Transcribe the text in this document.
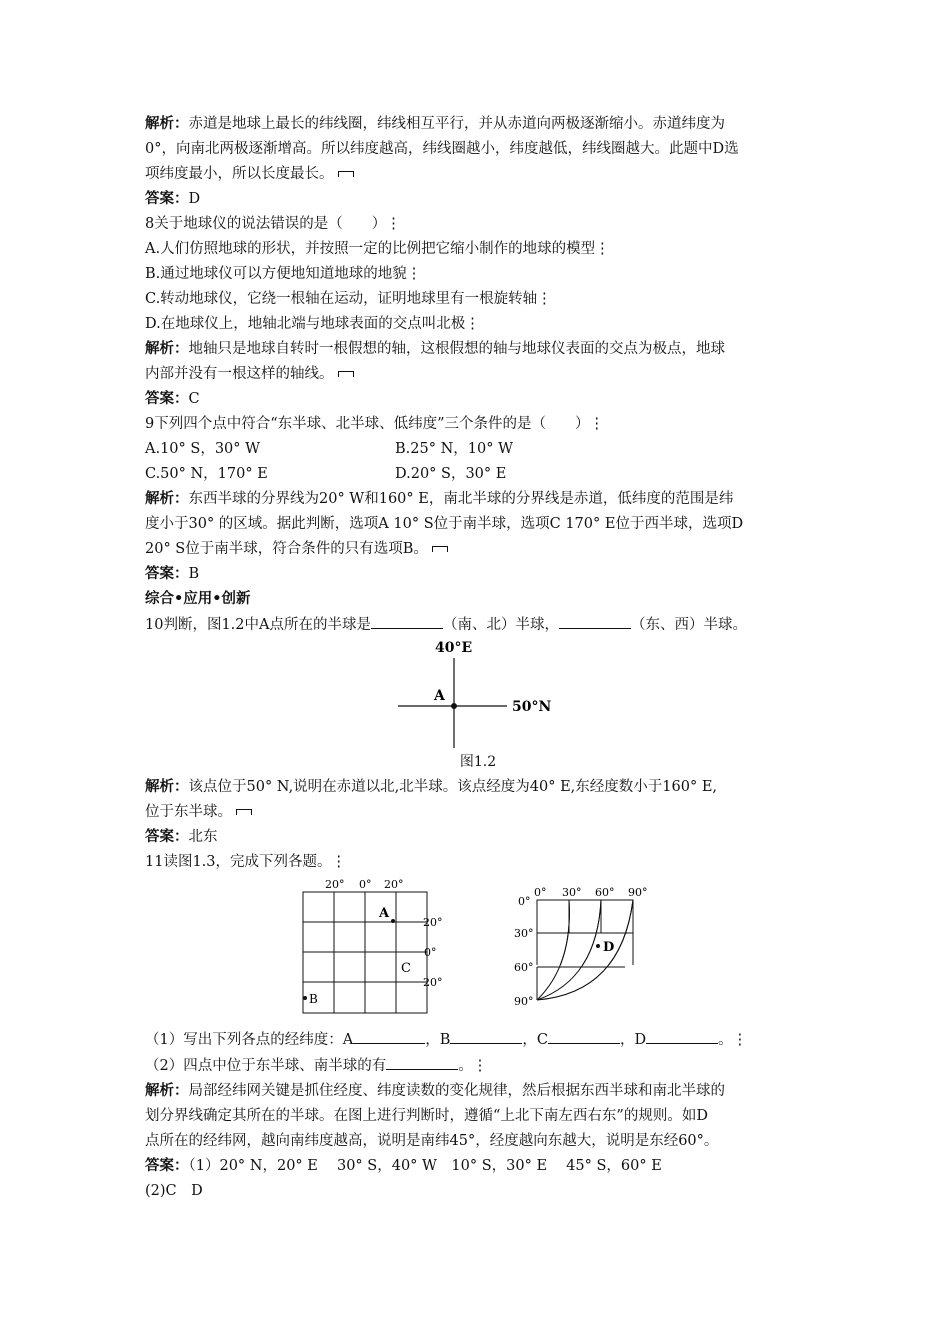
解析：赤道是地球上最长的纬线圈，纬线相互平行，并从赤道向两极逐渐缩小。赤道纬度为
0°，向南北两极逐渐增高。所以纬度越高，纬线圈越小，纬度越低，纬线圈越大。此题中D选
项纬度最小，所以长度最长。
答案：D
8关于地球仪的说法错误的是（　　）⋮
A.人们仿照地球的形状，并按照一定的比例把它缩小制作的地球的模型⋮
B.通过地球仪可以方便地知道地球的地貌⋮
C.转动地球仪，它绕一根轴在运动，证明地球里有一根旋转轴⋮
D.在地球仪上，地轴北端与地球表面的交点叫北极⋮
解析：地轴只是地球自转时一根假想的轴，这根假想的轴与地球仪表面的交点为极点，地球
内部并没有一根这样的轴线。
答案：C
9下列四个点中符合“东半球、北半球、低纬度”三个条件的是（　　）⋮
A.10° S，30° W	B.25° N，10° W
C.50° N，170° E	D.20° S，30° E
解析：东西半球的分界线为20° W和160° E，南北半球的分界线是赤道，低纬度的范围是纬
度小于30° 的区域。据此判断，选项A 10° S位于南半球，选项C 170° E位于西半球，选项D
20° S位于南半球，符合条件的只有选项B。
答案：B
综合•应用•创新
10判断，图1.2中A点所在的半球是	（南、北）半球，	（东、西）半球。
40°E
50°N
A
图1.2
解析：该点位于50° N,说明在赤道以北,北半球。该点经度为40° E,东经度数小于160° E,
位于东半球。
答案：北东
11读图1.3，完成下列各题。⋮
20° 0° 20°
20°
0°
20°
A
B
C
0°
30°
60°
90°
0° 30° 60° 90°
D
（1）写出下列各点的经纬度：A	，B	，C	，D	。⋮
（2）四点中位于东半球、南半球的有	。⋮
解析：局部经纬网关键是抓住经度、纬度读数的变化规律，然后根据东西半球和南北半球的
划分界线确定其所在的半球。在图上进行判断时，遵循“上北下南左西右东”的规则。如D
点所在的经纬网，越向南纬度越高，说明是南纬45°，经度越向东越大，说明是东经60°。
答案：（1）20° N，20° E　 30° S，40° W　10° S，30° E　 45° S，60° E
(2)C　D
